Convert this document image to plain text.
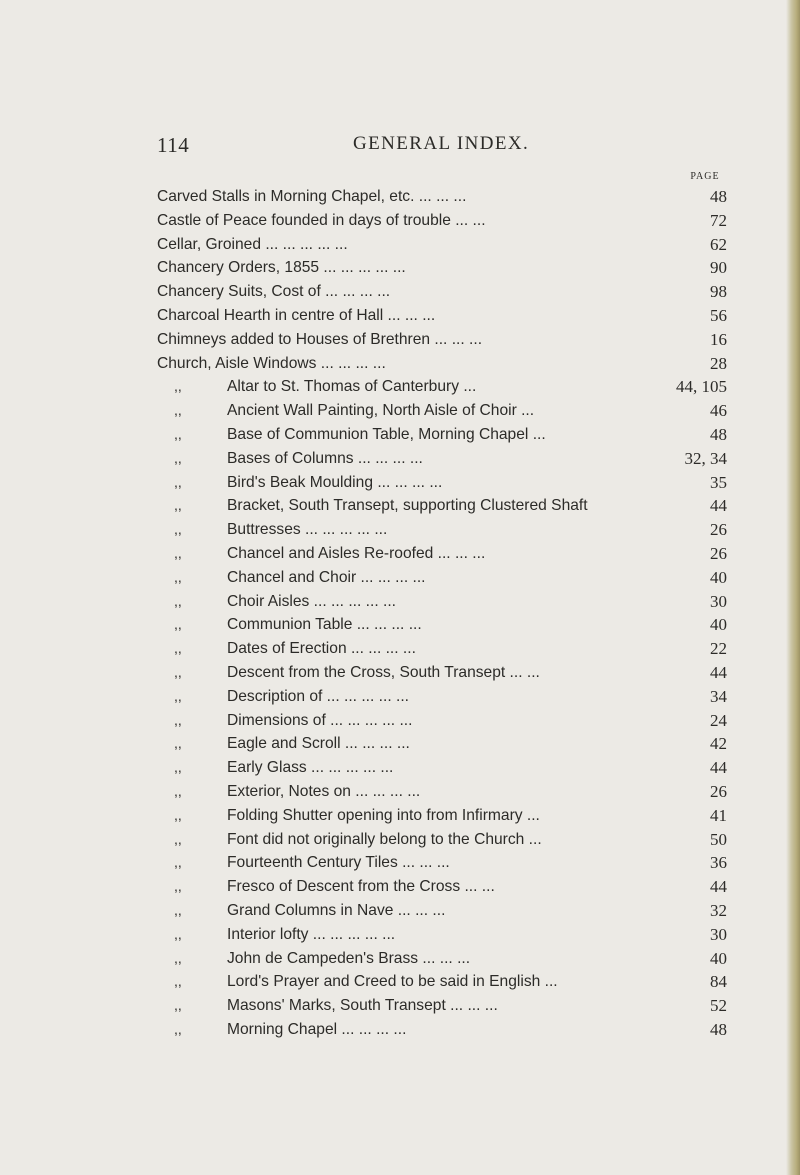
114	GENERAL INDEX.
PAGE
Carved Stalls in Morning Chapel, etc. ... ... ...	48
Castle of Peace founded in days of trouble ... ...	72
Cellar, Groined ... ... ... ... ...	62
Chancery Orders, 1855 ... ... ... ... ...	90
Chancery Suits, Cost of ... ... ... ...	98
Charcoal Hearth in centre of Hall ... ... ...	56
Chimneys added to Houses of Brethren ... ... ...	16
Church, Aisle Windows ... ... ... ...	28
,,	Altar to St. Thomas of Canterbury ...	44, 105
,,	Ancient Wall Painting, North Aisle of Choir ...	46
,,	Base of Communion Table, Morning Chapel ...	48
,,	Bases of Columns ... ... ... ...	32, 34
,,	Bird's Beak Moulding ... ... ... ...	35
,,	Bracket, South Transept, supporting Clustered Shaft	44
,,	Buttresses ... ... ... ... ...	26
,,	Chancel and Aisles Re-roofed ... ... ...	26
,,	Chancel and Choir ... ... ... ...	40
,,	Choir Aisles ... ... ... ... ...	30
,,	Communion Table ... ... ... ...	40
,,	Dates of Erection ... ... ... ...	22
,,	Descent from the Cross, South Transept ... ...	44
,,	Description of ... ... ... ... ...	34
,,	Dimensions of ... ... ... ... ...	24
,,	Eagle and Scroll ... ... ... ...	42
,,	Early Glass ... ... ... ... ...	44
,,	Exterior, Notes on ... ... ... ...	26
,,	Folding Shutter opening into from Infirmary ...	41
,,	Font did not originally belong to the Church ...	50
,,	Fourteenth Century Tiles ... ... ...	36
,,	Fresco of Descent from the Cross ... ...	44
,,	Grand Columns in Nave ... ... ...	32
,,	Interior lofty ... ... ... ... ...	30
,,	John de Campeden's Brass ... ... ...	40
,,	Lord's Prayer and Creed to be said in English ...	84
,,	Masons' Marks, South Transept ... ... ...	52
,,	Morning Chapel ... ... ... ...	48
